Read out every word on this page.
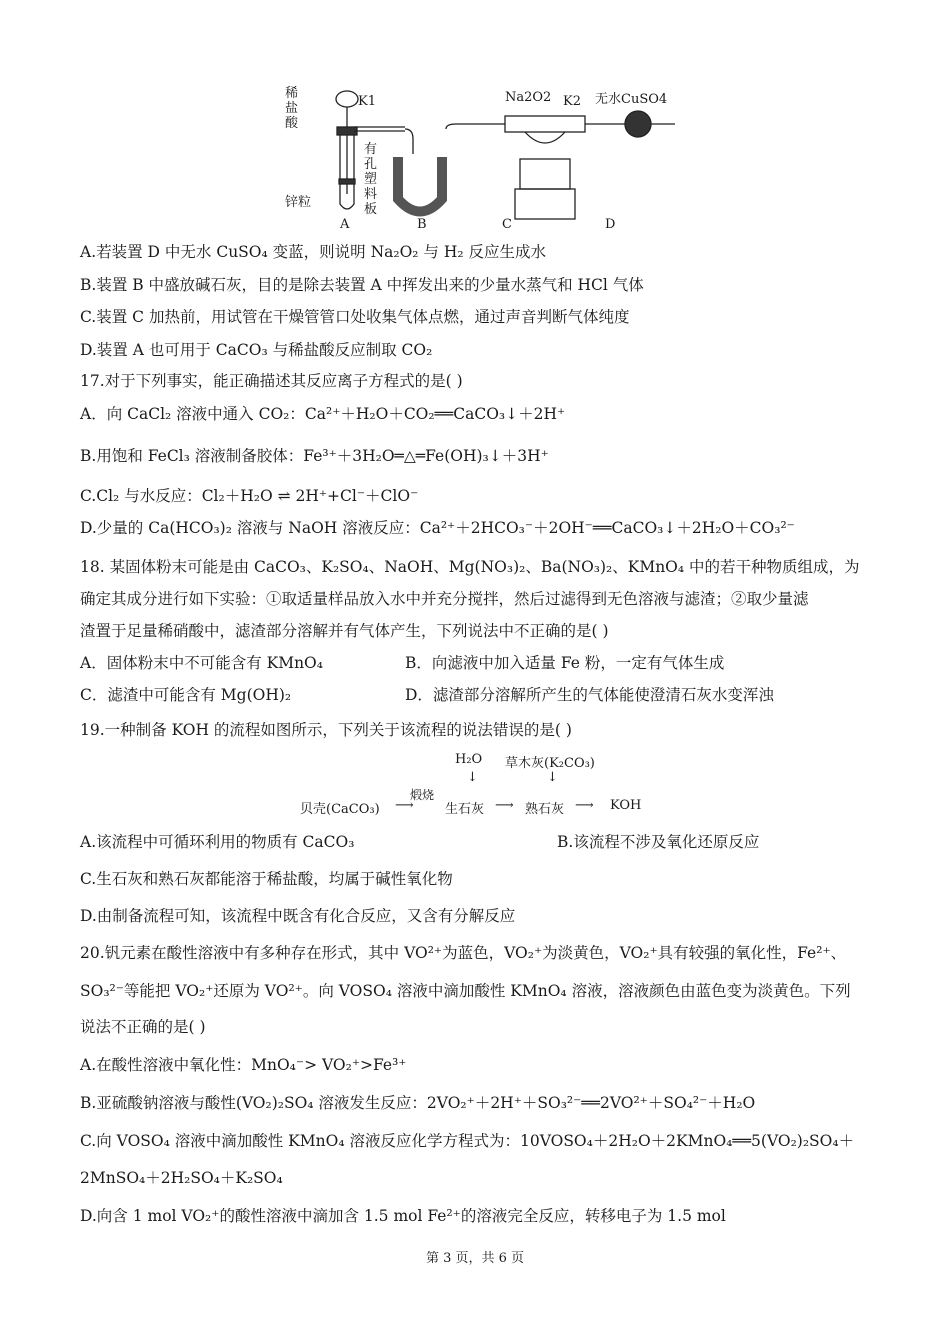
稀盐酸
K1
锌粒
有孔塑料板
Na2O2 K2 无水CuSO4
A	B	C	D
A.若装置 D 中无水 CuSO₄ 变蓝，则说明 Na₂O₂ 与 H₂ 反应生成水
B.装置 B 中盛放碱石灰，目的是除去装置 A 中挥发出来的少量水蒸气和 HCl 气体
C.装置 C 加热前，用试管在干燥管管口处收集气体点燃，通过声音判断气体纯度
D.装置 A 也可用于 CaCO₃ 与稀盐酸反应制取 CO₂
17.对于下列事实，能正确描述其反应离子方程式的是( )
A．向 CaCl₂ 溶液中通入 CO₂：Ca²⁺＋H₂O＋CO₂══CaCO₃↓＋2H⁺
B.用饱和 FeCl₃ 溶液制备胶体：Fe³⁺＋3H₂O═△═Fe(OH)₃↓＋3H⁺
C.Cl₂ 与水反应：Cl₂＋H₂O ⇌ 2H⁺+Cl⁻＋ClO⁻
D.少量的 Ca(HCO₃)₂ 溶液与 NaOH 溶液反应：Ca²⁺＋2HCO₃⁻＋2OH⁻══CaCO₃↓＋2H₂O＋CO₃²⁻
18. 某固体粉末可能是由 CaCO₃、K₂SO₄、NaOH、Mg(NO₃)₂、Ba(NO₃)₂、KMnO₄ 中的若干种物质组成，为
确定其成分进行如下实验：①取适量样品放入水中并充分搅拌，然后过滤得到无色溶液与滤渣；②取少量滤
渣置于足量稀硝酸中，滤渣部分溶解并有气体产生，下列说法中不正确的是( )
A．固体粉末中不可能含有 KMnO₄	B．向滤液中加入适量 Fe 粉，一定有气体生成
C．滤渣中可能含有 Mg(OH)₂	D．滤渣部分溶解所产生的气体能使澄清石灰水变浑浊
19.一种制备 KOH 的流程如图所示，下列关于该流程的说法错误的是( )
H₂O 草木灰(K₂CO₃)
↓	↓
煅烧
贝壳(CaCO₃) ⟶ 生石灰 ⟶ 熟石灰 ⟶ KOH
A.该流程中可循环利用的物质有 CaCO₃	B.该流程不涉及氧化还原反应
C.生石灰和熟石灰都能溶于稀盐酸，均属于碱性氧化物
D.由制备流程可知，该流程中既含有化合反应，又含有分解反应
20.钒元素在酸性溶液中有多种存在形式，其中 VO²⁺为蓝色，VO₂⁺为淡黄色，VO₂⁺具有较强的氧化性，Fe²⁺、
SO₃²⁻等能把 VO₂⁺还原为 VO²⁺。向 VOSO₄ 溶液中滴加酸性 KMnO₄ 溶液，溶液颜色由蓝色变为淡黄色。下列
说法不正确的是( )
A.在酸性溶液中氧化性：MnO₄⁻> VO₂⁺>Fe³⁺
B.亚硫酸钠溶液与酸性(VO₂)₂SO₄ 溶液发生反应：2VO₂⁺＋2H⁺＋SO₃²⁻══2VO²⁺＋SO₄²⁻＋H₂O
C.向 VOSO₄ 溶液中滴加酸性 KMnO₄ 溶液反应化学方程式为：10VOSO₄＋2H₂O＋2KMnO₄══5(VO₂)₂SO₄＋
2MnSO₄＋2H₂SO₄＋K₂SO₄
D.向含 1 mol VO₂⁺的酸性溶液中滴加含 1.5 mol Fe²⁺的溶液完全反应，转移电子为 1.5 mol
第 3 页，共 6 页
